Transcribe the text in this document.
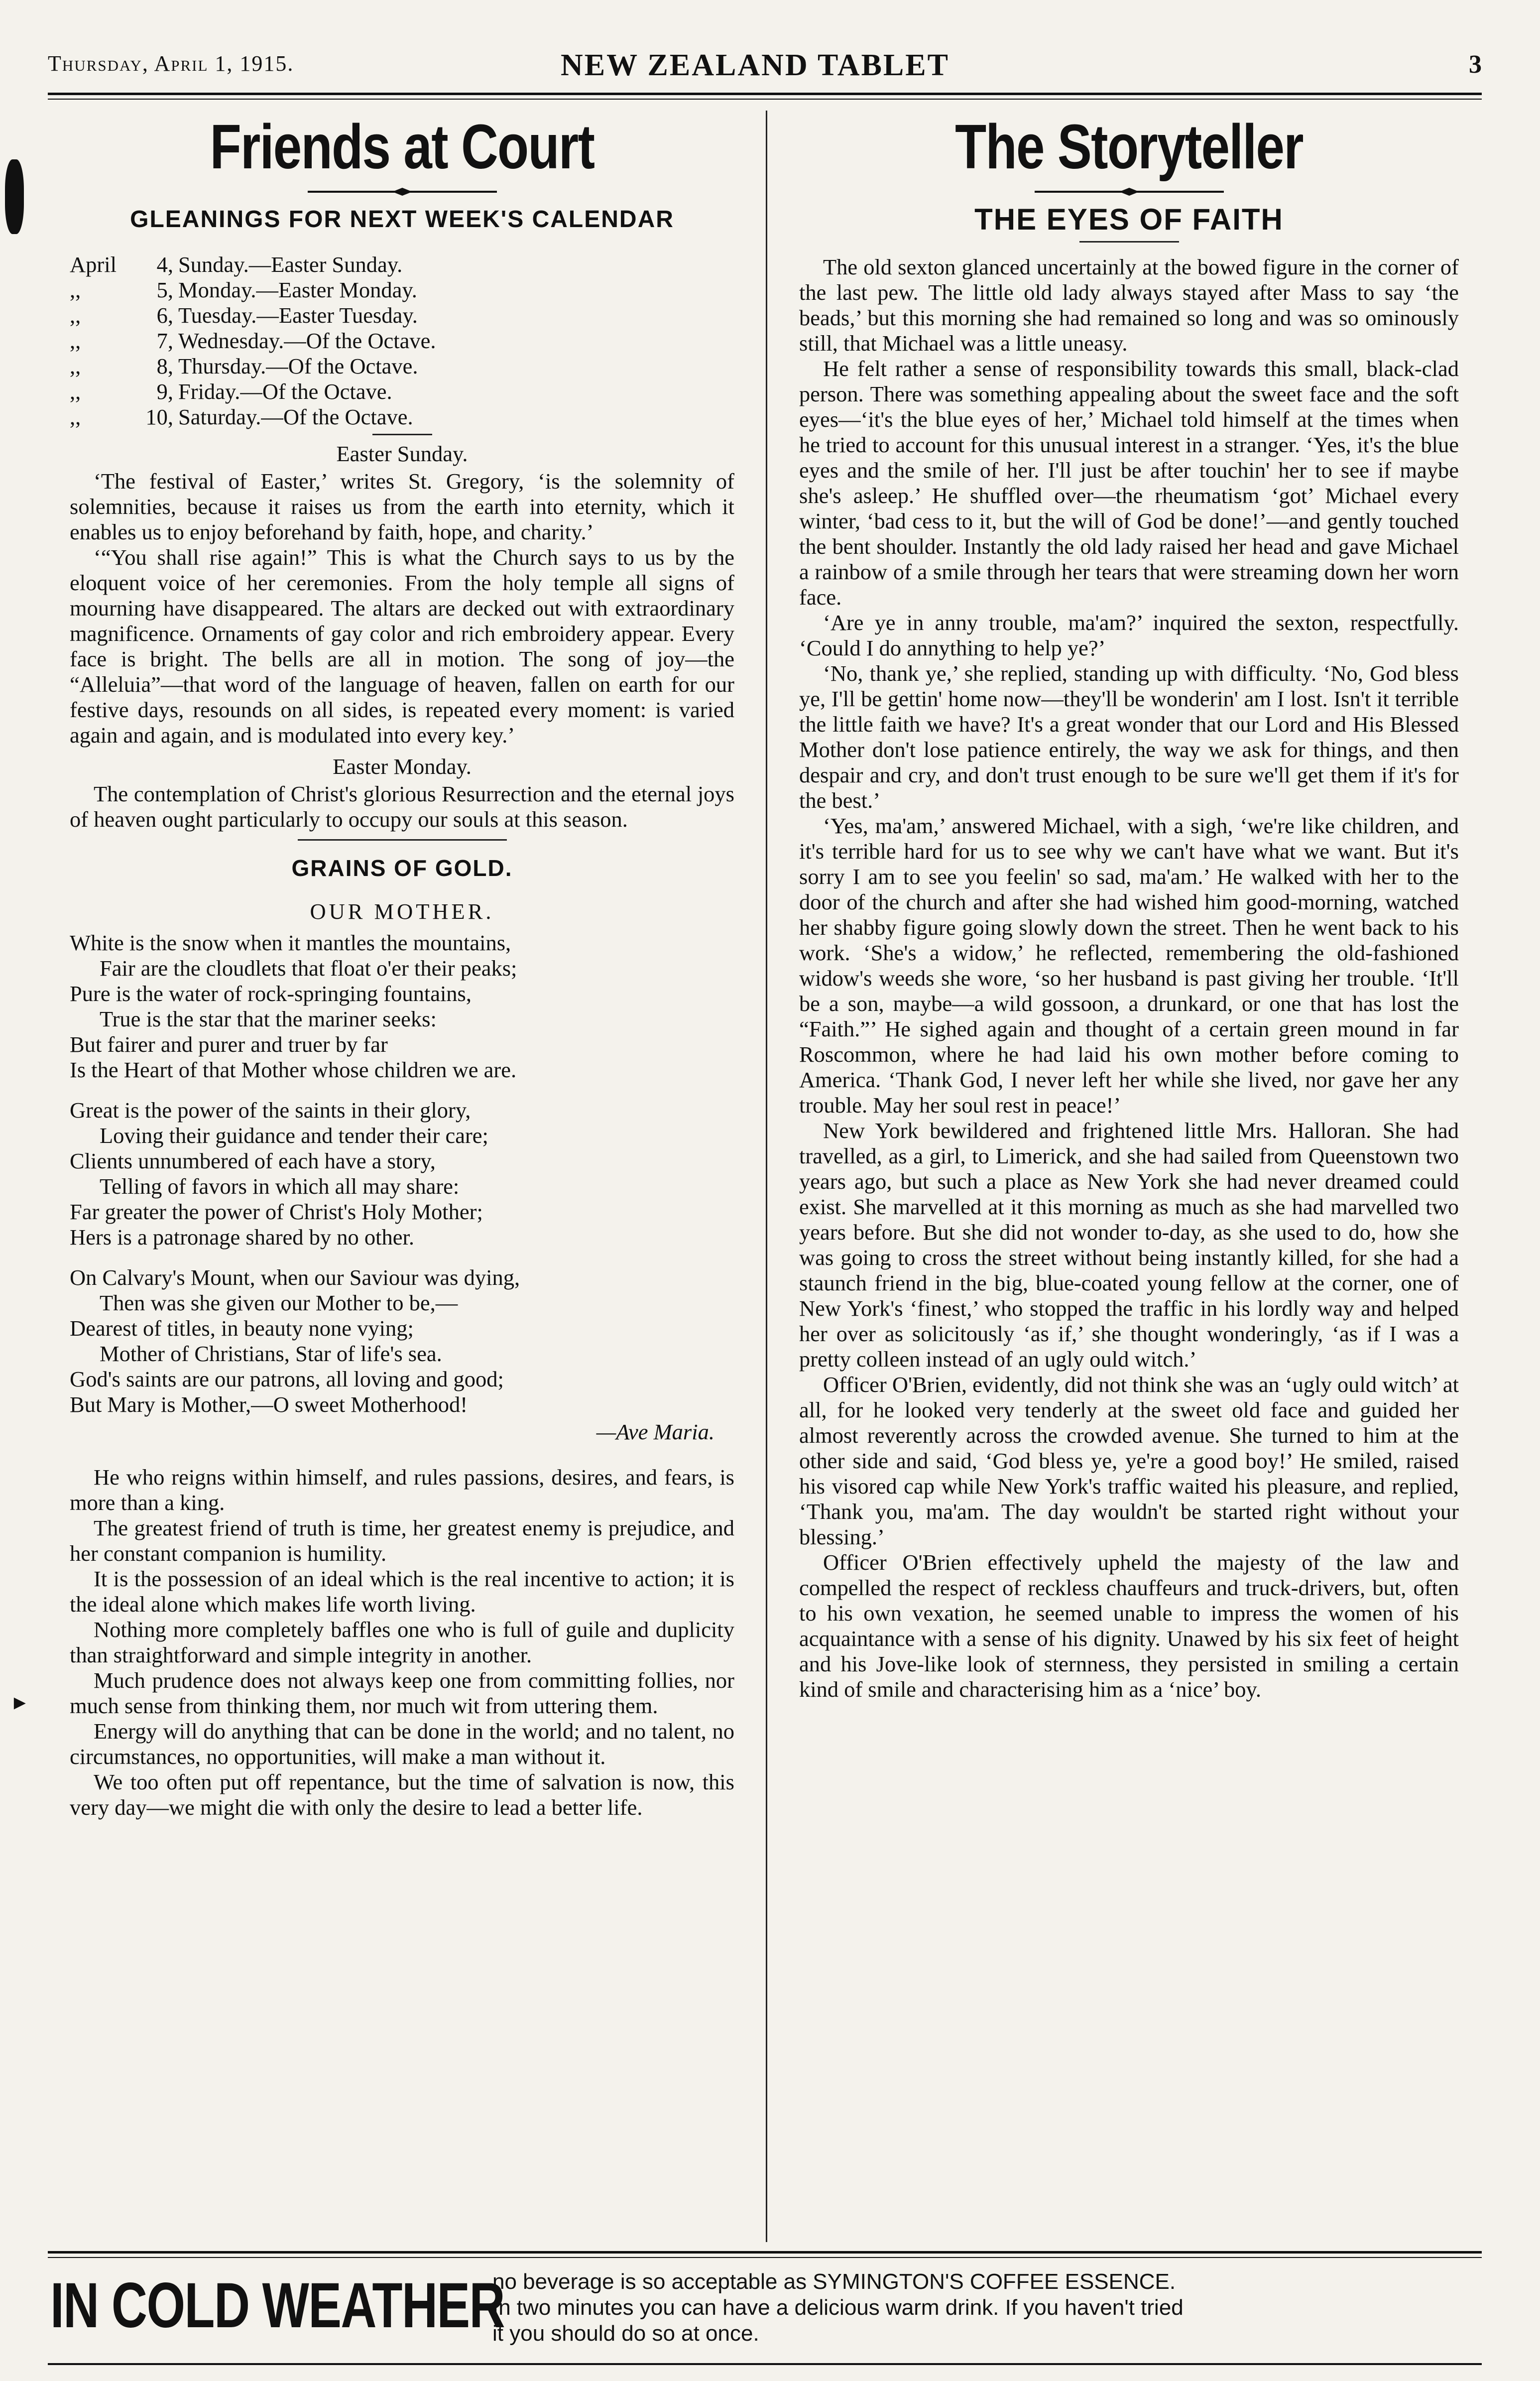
Thursday, April 1, 1915.	NEW ZEALAND TABLET	3
Friends at Court
GLEANINGS FOR NEXT WEEK'S CALENDAR
April	4, Sunday.—Easter Sunday.
,,	5, Monday.—Easter Monday.
,,	6, Tuesday.—Easter Tuesday.
,,	7, Wednesday.—Of the Octave.
,,	8, Thursday.—Of the Octave.
,,	9, Friday.—Of the Octave.
,,	10, Saturday.—Of the Octave.
Easter Sunday.

‘The festival of Easter,’ writes St. Gregory, ‘is the solemnity of solemnities, because it raises us from the earth into eternity, which it enables us to enjoy beforehand by faith, hope, and charity.’

‘“You shall rise again!” This is what the Church says to us by the eloquent voice of her ceremonies. From the holy temple all signs of mourning have disappeared. The altars are decked out with extraordinary magnificence. Ornaments of gay color and rich embroidery appear. Every face is bright. The bells are all in motion. The song of joy—the “Alleluia”—that word of the language of heaven, fallen on earth for our festive days, resounds on all sides, is repeated every moment: is varied again and again, and is modulated into every key.’

Easter Monday.

The contemplation of Christ's glorious Resurrection and the eternal joys of heaven ought particularly to occupy our souls at this season.

GRAINS OF GOLD.
OUR MOTHER.
White is the snow when it mantles the mountains,
Fair are the cloudlets that float o'er their peaks;
Pure is the water of rock-springing fountains,
True is the star that the mariner seeks:
But fairer and purer and truer by far
Is the Heart of that Mother whose children we are.
Great is the power of the saints in their glory,
Loving their guidance and tender their care;
Clients unnumbered of each have a story,
Telling of favors in which all may share:
Far greater the power of Christ's Holy Mother;
Hers is a patronage shared by no other.
On Calvary's Mount, when our Saviour was dying,
Then was she given our Mother to be,—
Dearest of titles, in beauty none vying;
Mother of Christians, Star of life's sea.
God's saints are our patrons, all loving and good;
But Mary is Mother,—O sweet Motherhood!
—Ave Maria.

He who reigns within himself, and rules passions, desires, and fears, is more than a king.

The greatest friend of truth is time, her greatest enemy is prejudice, and her constant companion is humility.

It is the possession of an ideal which is the real incentive to action; it is the ideal alone which makes life worth living.

Nothing more completely baffles one who is full of guile and duplicity than straightforward and simple integrity in another.

Much prudence does not always keep one from committing follies, nor much sense from thinking them, nor much wit from uttering them.

Energy will do anything that can be done in the world; and no talent, no circumstances, no opportunities, will make a man without it.

We too often put off repentance, but the time of salvation is now, this very day—we might die with only the desire to lead a better life.

►
The Storyteller
THE EYES OF FAITH

The old sexton glanced uncertainly at the bowed figure in the corner of the last pew. The little old lady always stayed after Mass to say ‘the beads,’ but this morning she had remained so long and was so ominously still, that Michael was a little uneasy.

He felt rather a sense of responsibility towards this small, black-clad person. There was something appealing about the sweet face and the soft eyes—‘it's the blue eyes of her,’ Michael told himself at the times when he tried to account for this unusual interest in a stranger. ‘Yes, it's the blue eyes and the smile of her. I'll just be after touchin' her to see if maybe she's asleep.’ He shuffled over—the rheumatism ‘got’ Michael every winter, ‘bad cess to it, but the will of God be done!’—and gently touched the bent shoulder. Instantly the old lady raised her head and gave Michael a rainbow of a smile through her tears that were streaming down her worn face.

‘Are ye in anny trouble, ma'am?’ inquired the sexton, respectfully. ‘Could I do annything to help ye?’

‘No, thank ye,’ she replied, standing up with difficulty. ‘No, God bless ye, I'll be gettin' home now—they'll be wonderin' am I lost. Isn't it terrible the little faith we have? It's a great wonder that our Lord and His Blessed Mother don't lose patience entirely, the way we ask for things, and then despair and cry, and don't trust enough to be sure we'll get them if it's for the best.’

‘Yes, ma'am,’ answered Michael, with a sigh, ‘we're like children, and it's terrible hard for us to see why we can't have what we want. But it's sorry I am to see you feelin' so sad, ma'am.’ He walked with her to the door of the church and after she had wished him good-morning, watched her shabby figure going slowly down the street. Then he went back to his work. ‘She's a widow,’ he reflected, remembering the old-fashioned widow's weeds she wore, ‘so her husband is past giving her trouble. ‘It'll be a son, maybe—a wild gossoon, a drunkard, or one that has lost the “Faith.”’ He sighed again and thought of a certain green mound in far Roscommon, where he had laid his own mother before coming to America. ‘Thank God, I never left her while she lived, nor gave her any trouble. May her soul rest in peace!’

New York bewildered and frightened little Mrs. Halloran. She had travelled, as a girl, to Limerick, and she had sailed from Queenstown two years ago, but such a place as New York she had never dreamed could exist. She marvelled at it this morning as much as she had marvelled two years before. But she did not wonder to-day, as she used to do, how she was going to cross the street without being instantly killed, for she had a staunch friend in the big, blue-coated young fellow at the corner, one of New York's ‘finest,’ who stopped the traffic in his lordly way and helped her over as solicitously ‘as if,’ she thought wonderingly, ‘as if I was a pretty colleen instead of an ugly ould witch.’

Officer O'Brien, evidently, did not think she was an ‘ugly ould witch’ at all, for he looked very tenderly at the sweet old face and guided her almost reverently across the crowded avenue. She turned to him at the other side and said, ‘God bless ye, ye're a good boy!’ He smiled, raised his visored cap while New York's traffic waited his pleasure, and replied, ‘Thank you, ma'am. The day wouldn't be started right without your blessing.’

Officer O'Brien effectively upheld the majesty of the law and compelled the respect of reckless chauffeurs and truck-drivers, but, often to his own vexation, he seemed unable to impress the women of his acquaintance with a sense of his dignity. Unawed by his six feet of height and his Jove-like look of sternness, they persisted in smiling a certain kind of smile and characterising him as a ‘nice’ boy.

IN COLD WEATHER
no beverage is so acceptable as SYMINGTON'S COFFEE ESSENCE.
In two minutes you can have a delicious warm drink. If you haven't tried
it you should do so at once.
